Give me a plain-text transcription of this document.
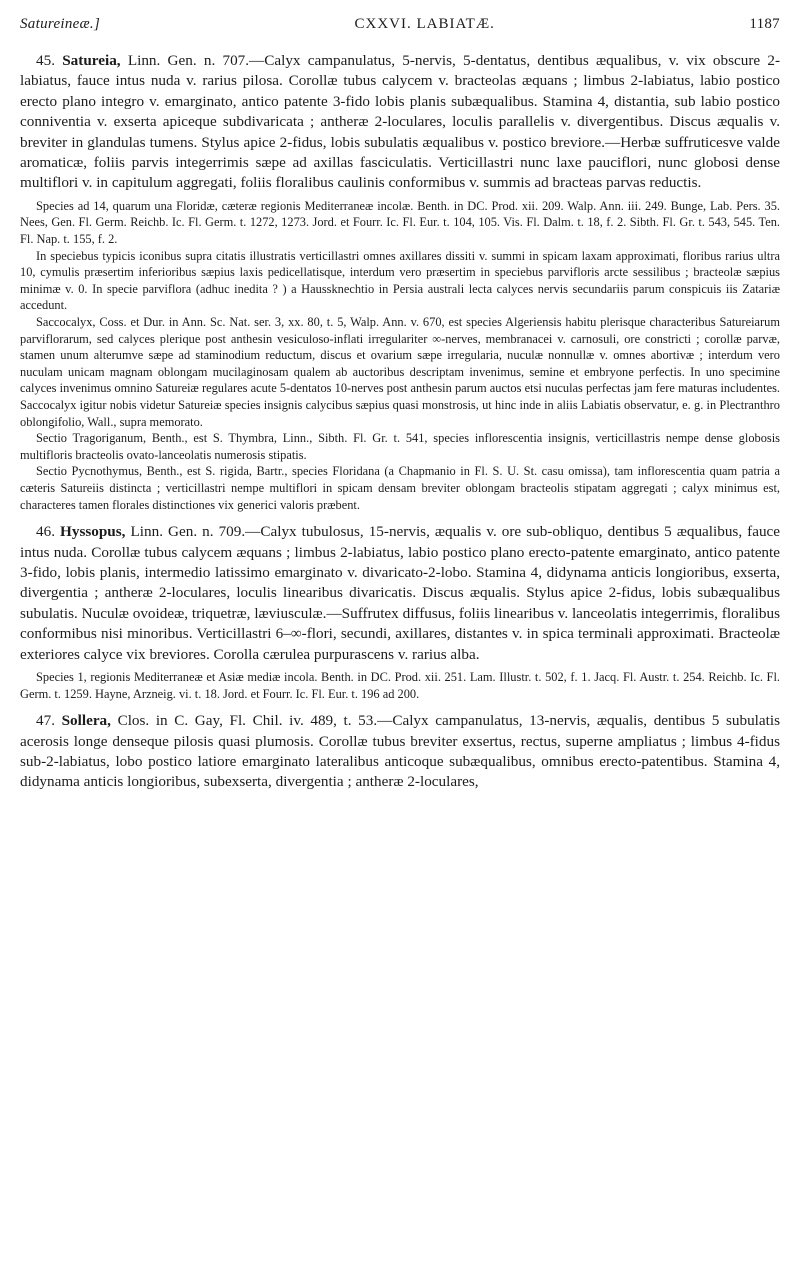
Satureineæ.]	CXXVI. LABIATÆ.	1187

45. Satureia, Linn. Gen. n. 707.—Calyx campanulatus, 5-nervis, 5-dentatus, dentibus æqualibus, v. vix obscure 2-labiatus, fauce intus nuda v. rarius pilosa. Corollæ tubus calycem v. bracteolas æquans ; limbus 2-labiatus, labio postico erecto plano integro v. emarginato, antico patente 3-fido lobis planis subæqualibus. Stamina 4, distantia, sub labio postico conniventia v. exserta apiceque subdivaricata ; antheræ 2-loculares, loculis parallelis v. divergentibus. Discus æqualis v. breviter in glandulas tumens. Stylus apice 2-fidus, lobis subulatis æqualibus v. postico breviore.—Herbæ suffruticesve valde aromaticæ, foliis parvis integerrimis sæpe ad axillas fasciculatis. Verticillastri nunc laxe pauciflori, nunc globosi dense multiflori v. in capitulum aggregati, foliis floralibus caulinis conformibus v. summis ad bracteas parvas reductis.

Species ad 14, quarum una Floridæ, cæteræ regionis Mediterraneæ incolæ. Benth. in DC. Prod. xii. 209. Walp. Ann. iii. 249. Bunge, Lab. Pers. 35. Nees, Gen. Fl. Germ. Reichb. Ic. Fl. Germ. t. 1272, 1273. Jord. et Fourr. Ic. Fl. Eur. t. 104, 105. Vis. Fl. Dalm. t. 18, f. 2. Sibth. Fl. Gr. t. 543, 545. Ten. Fl. Nap. t. 155, f. 2.

In speciebus typicis iconibus supra citatis illustratis verticillastri omnes axillares dissiti v. summi in spicam laxam approximati, floribus rarius ultra 10, cymulis præsertim inferioribus sæpius laxis pedicellatisque, interdum vero præsertim in speciebus parvifloris arcte sessilibus ; bracteolæ sæpius minimæ v. 0. In specie parviflora (adhuc inedita ? ) a Haussknechtio in Persia australi lecta calyces nervis secundariis parum conspicuis iis Zatariæ accedunt.

Saccocalyx, Coss. et Dur. in Ann. Sc. Nat. ser. 3, xx. 80, t. 5, Walp. Ann. v. 670, est species Algeriensis habitu plerisque characteribus Satureiarum parviflorarum, sed calyces plerique post anthesin vesiculoso-inflati irregulariter ∞-nerves, membranacei v. carnosuli, ore constricti ; corollæ parvæ, stamen unum alterumve sæpe ad staminodium reductum, discus et ovarium sæpe irregularia, nuculæ nonnullæ v. omnes abortivæ ; interdum vero nuculam unicam magnam oblongam mucilaginosam qualem ab auctoribus descriptam invenimus, semine et embryone perfectis. In uno specimine calyces invenimus omnino Satureiæ regulares acute 5-dentatos 10-nerves post anthesin parum auctos etsi nuculas perfectas jam fere maturas includentes. Saccocalyx igitur nobis videtur Satureiæ species insignis calycibus sæpius quasi monstrosis, ut hinc inde in aliis Labiatis observatur, e. g. in Plectranthro oblongifolio, Wall., supra memorato.

Sectio Tragoriganum, Benth., est S. Thymbra, Linn., Sibth. Fl. Gr. t. 541, species inflorescentia insignis, verticillastris nempe dense globosis multifloris bracteolis ovato-lanceolatis numerosis stipatis.

Sectio Pycnothymus, Benth., est S. rigida, Bartr., species Floridana (a Chapmanio in Fl. S. U. St. casu omissa), tam inflorescentia quam patria a cæteris Satureiis distincta ; verticillastri nempe multiflori in spicam densam breviter oblongam bracteolis stipatam aggregati ; calyx minimus est, characteres tamen florales distinctiones vix generici valoris præbent.

46. Hyssopus, Linn. Gen. n. 709.—Calyx tubulosus, 15-nervis, æqualis v. ore sub-obliquo, dentibus 5 æqualibus, fauce intus nuda. Corollæ tubus calycem æquans ; limbus 2-labiatus, labio postico plano erecto-patente emarginato, antico patente 3-fido, lobis planis, intermedio latissimo emarginato v. divaricato-2-lobo. Stamina 4, didynama anticis longioribus, exserta, divergentia ; antheræ 2-loculares, loculis linearibus divaricatis. Discus æqualis. Stylus apice 2-fidus, lobis subæqualibus subulatis. Nuculæ ovoideæ, triquetræ, læviusculæ.—Suffrutex diffusus, foliis linearibus v. lanceolatis integerrimis, floralibus conformibus nisi minoribus. Verticillastri 6–∞-flori, secundi, axillares, distantes v. in spica terminali approximati. Bracteolæ exteriores calyce vix breviores. Corolla cærulea purpurascens v. rarius alba.

Species 1, regionis Mediterraneæ et Asiæ mediæ incola. Benth. in DC. Prod. xii. 251. Lam. Illustr. t. 502, f. 1. Jacq. Fl. Austr. t. 254. Reichb. Ic. Fl. Germ. t. 1259. Hayne, Arzneig. vi. t. 18. Jord. et Fourr. Ic. Fl. Eur. t. 196 ad 200.

47. Sollera, Clos. in C. Gay, Fl. Chil. iv. 489, t. 53.—Calyx campanulatus, 13-nervis, æqualis, dentibus 5 subulatis acerosis longe denseque pilosis quasi plumosis. Corollæ tubus breviter exsertus, rectus, superne ampliatus ; limbus 4-fidus sub-2-labiatus, lobo postico latiore emarginato lateralibus anticoque subæqualibus, omnibus erecto-patentibus. Stamina 4, didynama anticis longioribus, subexserta, divergentia ; antheræ 2-loculares,
